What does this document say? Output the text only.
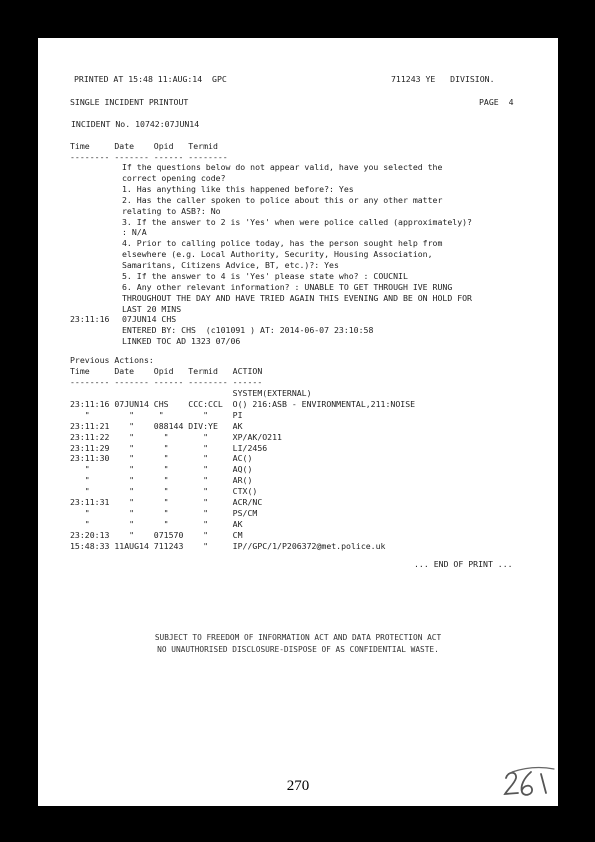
PRINTED AT 15:48 11:AUG:14  GPC	711243 YE   DIVISION.
SINGLE INCIDENT PRINTOUT	PAGE  4
INCIDENT No. 10742:07JUN14
Time     Date    Opid   Termid
-------- ------- ------ --------
If the questions below do not appear valid, have you selected the
correct opening code?
1. Has anything like this happened before?: Yes
2. Has the caller spoken to police about this or any other matter
relating to ASB?: No
3. If the answer to 2 is 'Yes' when were police called (approximately)?
: N/A
4. Prior to calling police today, has the person sought help from
elsewhere (e.g. Local Authority, Security, Housing Association,
Samaritans, Citizens Advice, BT, etc.)?: Yes
5. If the answer to 4 is 'Yes' please state who? : COUCNIL
6. Any other relevant information? : UNABLE TO GET THROUGH IVE RUNG
THROUGHOUT THE DAY AND HAVE TRIED AGAIN THIS EVENING AND BE ON HOLD FOR
LAST 20 MINS
23:11:16 07JUN14 CHS
ENTERED BY: CHS  (c101091 ) AT: 2014-06-07 23:10:58
LINKED TOC AD 1323 07/06
Previous Actions:
Time     Date    Opid   Termid   ACTION
-------- ------- ------ -------- ------
SYSTEM(EXTERNAL)
23:11:16 07JUN14 CHS    CCC:CCL  O() 216:ASB - ENVIRONMENTAL,211:NOISE
"        "     "        "     PI
23:11:21    "    088144 DIV:YE   AK
23:11:22    "      "       "     XP/AK/O211
23:11:29    "      "       "     LI/2456
23:11:30    "      "       "     AC()
"        "      "       "     AQ()
"        "      "       "     AR()
"        "      "       "     CTX()
23:11:31    "      "       "     ACR/NC
"        "      "       "     PS/CM
"        "      "       "     AK
23:20:13    "    071570    "     CM
15:48:33 11AUG14 711243    "     IP//GPC/1/P206372@met.police.uk
... END OF PRINT ...
SUBJECT TO FREEDOM OF INFORMATION ACT AND DATA PROTECTION ACT
NO UNAUTHORISED DISCLOSURE-DISPOSE OF AS CONFIDENTIAL WASTE.
270
